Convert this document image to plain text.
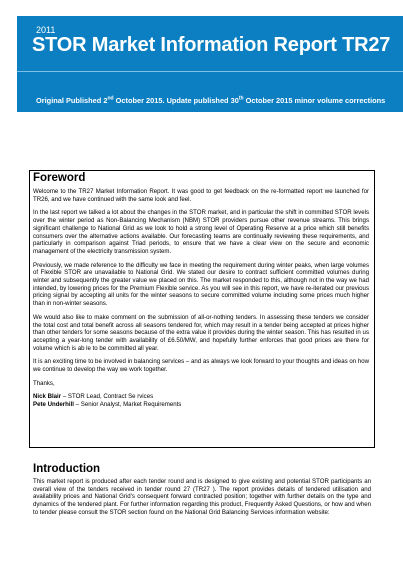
2011
STOR Market Information Report TR27
Original Published 2nd October 2015. Update published 30th October 2015 minor volume corrections
Foreword

Welcome to the TR27 Market Information Report. It was good to get feedback on the re-formatted report we launched for TR26, and we have continued with the same look and feel.

In the last report we talked a lot about the changes in the STOR market, and in particular the shift in committed STOR levels over the winter period as Non-Balancing Mechanism (NBM) STOR providers pursue other revenue streams. This brings significant challenge to National Grid as we look to hold a strong level of Operating Reserve at a price which still benefits consumers over the alternative actions available. Our forecasting teams are continually reviewing these requirements, and particularly in comparison against Triad periods, to ensure that we have a clear view on the secure and economic management of the electricity transmission system.

Previously, we made reference to the difficulty we face in meeting the requirement during winter peaks, when large volumes of Flexible STOR are unavailable to National Grid. We stated our desire to contract sufficient committed volumes during winter and subsequently the greater value we placed on this. The market responded to this, although not in the way we had intended, by lowering prices for the Premium Flexible service. As you will see in this report, we have re-iterated our previous pricing signal by accepting all units for the winter seasons to secure committed volume including some prices much higher than in non-winter seasons.

We would also like to make comment on the submission of all-or-nothing tenders. In assessing these tenders we consider the total cost and total benefit across all seasons tendered for, which may result in a tender being accepted at prices higher than other tenders for some seasons because of the extra value it provides during the winter season. This has resulted in us accepting a year-long tender with availability of £6.50/MW, and hopefully further enforces that good prices are there for volume which is ab le to be committed all year.

It is an exciting time to be involved in balancing services – and as always we look forward to your thoughts and ideas on how we continue to develop the way we work together.

Thanks,

Nick Blair – STOR Lead, Contract Se rvices

Pete Underhill – Senior Analyst, Market Requirements

Introduction

This market report is produced after each tender round and is designed to give existing and potential STOR participants an overall view of the tenders received in tender round 27 (TR27 ). The report provides details of tendered utilisation and availability prices and National Grid's consequent forward contracted position; together with further details on the type and dynamics of the tendered plant. For further information regarding this product, Frequently Asked Questions, or how and when to tender please consult the STOR section found on the National Grid Balancing Services information website:
